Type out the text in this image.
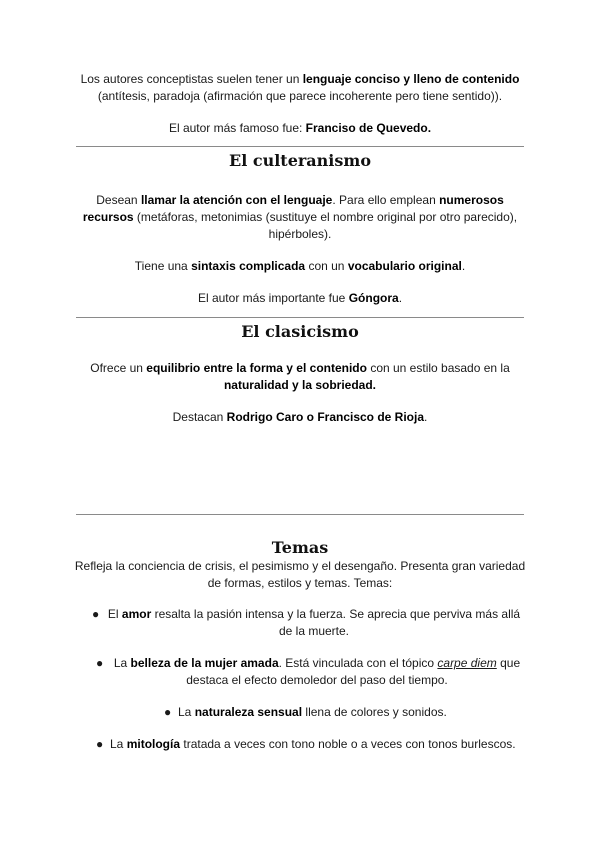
Los autores conceptistas suelen tener un lenguaje conciso y lleno de contenido (antítesis, paradoja (afirmación que parece incoherente pero tiene sentido)).

El autor más famoso fue: Franciso de Quevedo.

El culteranismo

Desean llamar la atención con el lenguaje. Para ello emplean numerosos recursos (metáforas, metonimias (sustituye el nombre original por otro parecido), hipérboles).

Tiene una sintaxis complicada con un vocabulario original.

El autor más importante fue Góngora.

El clasicismo

Ofrece un equilibrio entre la forma y el contenido con un estilo basado en la naturalidad y la sobriedad.

Destacan Rodrigo Caro o Francisco de Rioja.

Temas

Refleja la conciencia de crisis, el pesimismo y el desengaño. Presenta gran variedad de formas, estilos y temas. Temas:

● El amor resalta la pasión intensa y la fuerza. Se aprecia que perviva más allá de la muerte.

● La belleza de la mujer amada. Está vinculada con el tópico carpe diem que destaca el efecto demoledor del paso del tiempo.

● La naturaleza sensual llena de colores y sonidos.

● La mitología tratada a veces con tono noble o a veces con tonos burlescos.
